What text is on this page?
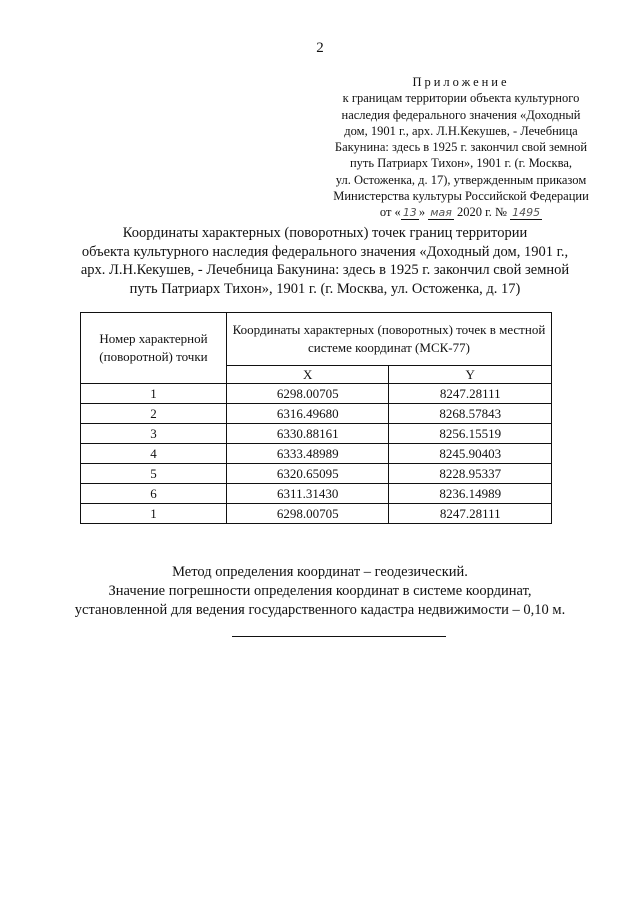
2
Приложение
к границам территории объекта культурного
наследия федерального значения «Доходный
дом, 1901 г., арх. Л.Н.Кекушев, - Лечебница
Бакунина: здесь в 1925 г. закончил свой земной
путь Патриарх Тихон», 1901 г. (г. Москва,
ул. Остоженка, д. 17), утвержденным приказом
Министерства культуры Российской Федерации
от « 13 » мая 2020 г. № 1495
Координаты характерных (поворотных) точек границ территории
объекта культурного наследия федерального значения «Доходный дом, 1901 г.,
арх. Л.Н.Кекушев, - Лечебница Бакунина: здесь в 1925 г. закончил свой земной
путь Патриарх Тихон», 1901 г. (г. Москва, ул. Остоженка, д. 17)
Номер характерной (поворотной) точки	Координаты характерных (поворотных) точек в местной системе координат (МСК-77)	
	X	Y
1	6298.00705	8247.28111
2	6316.49680	8268.57843
3	6330.88161	8256.15519
4	6333.48989	8245.90403
5	6320.65095	8228.95337
6	6311.31430	8236.14989
1	6298.00705	8247.28111
Метод определения координат – геодезический.
Значение погрешности определения координат в системе координат,
установленной для ведения государственного кадастра недвижимости – 0,10 м.
